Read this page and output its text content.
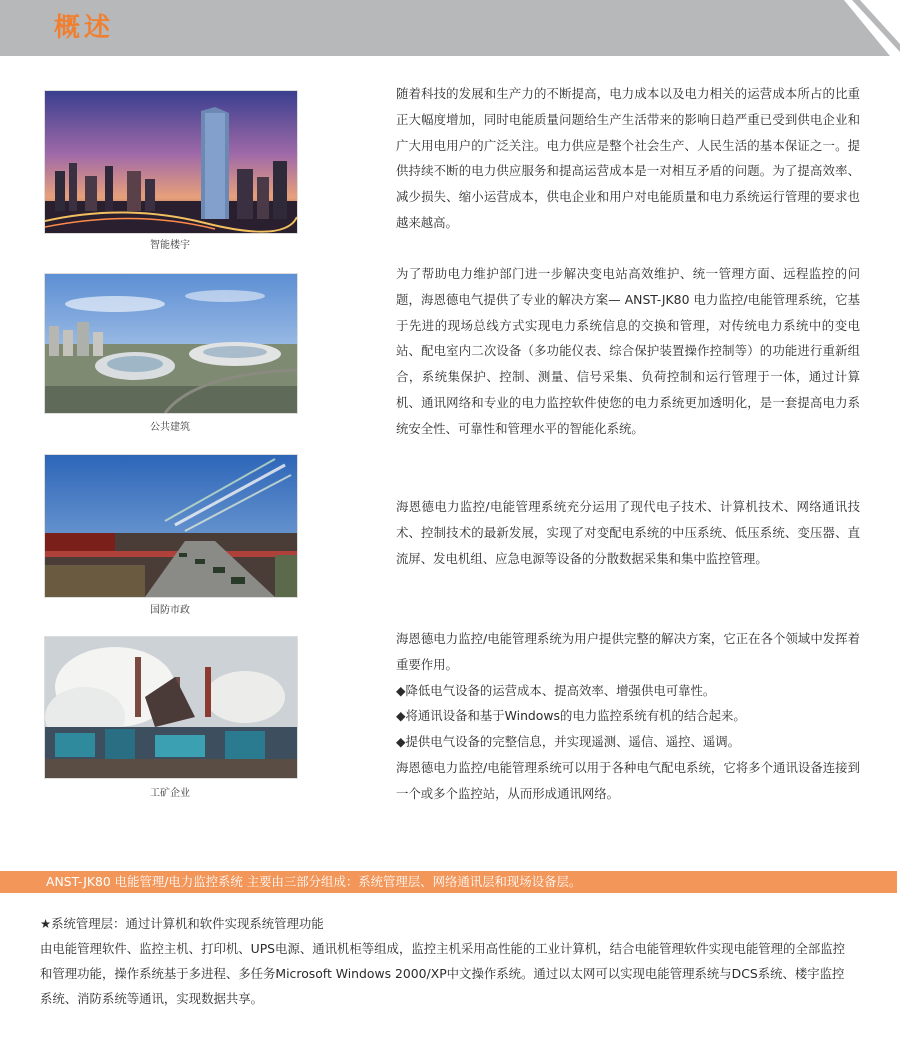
概述
智能楼宇
公共建筑
国防市政
工矿企业

随着科技的发展和生产力的不断提高，电力成本以及电力相关的运营成本所占的比重正大幅度增加，同时电能质量问题给生产生活带来的影响日趋严重已受到供电企业和广大用电用户的广泛关注。电力供应是整个社会生产、人民生活的基本保证之一。提供持续不断的电力供应服务和提高运营成本是一对相互矛盾的问题。为了提高效率、减少损失、缩小运营成本，供电企业和用户对电能质量和电力系统运行管理的要求也越来越高。

为了帮助电力维护部门进一步解决变电站高效维护、统一管理方面、远程监控的问题，海恩德电气提供了专业的解决方案— ANST-JK80 电力监控/电能管理系统，它基于先进的现场总线方式实现电力系统信息的交换和管理，对传统电力系统中的变电站、配电室内二次设备（多功能仪表、综合保护装置操作控制等）的功能进行重新组合，系统集保护、控制、测量、信号采集、负荷控制和运行管理于一体，通过计算机、通讯网络和专业的电力监控软件使您的电力系统更加透明化，是一套提高电力系统安全性、可靠性和管理水平的智能化系统。

海恩德电力监控/电能管理系统充分运用了现代电子技术、计算机技术、网络通讯技术、控制技术的最新发展，实现了对变配电系统的中压系统、低压系统、变压器、直流屏、发电机组、应急电源等设备的分散数据采集和集中监控管理。

海恩德电力监控/电能管理系统为用户提供完整的解决方案，它正在各个领域中发挥着重要作用。

◆降低电气设备的运营成本、提高效率、增强供电可靠性。
◆将通讯设备和基于Windows的电力监控系统有机的结合起来。
◆提供电气设备的完整信息，并实现遥测、遥信、遥控、遥调。

海恩德电力监控/电能管理系统可以用于各种电气配电系统，它将多个通讯设备连接到一个或多个监控站，从而形成通讯网络。

ANST-JK80 电能管理/电力监控系统 主要由三部分组成：系统管理层、网络通讯层和现场设备层。

★系统管理层：通过计算机和软件实现系统管理功能

由电能管理软件、监控主机、打印机、UPS电源、通讯机柜等组成，监控主机采用高性能的工业计算机，结合电能管理软件实现电能管理的全部监控和管理功能，操作系统基于多进程、多任务Microsoft Windows 2000/XP中文操作系统。通过以太网可以实现电能管理系统与DCS系统、楼宇监控系统、消防系统等通讯，实现数据共享。
